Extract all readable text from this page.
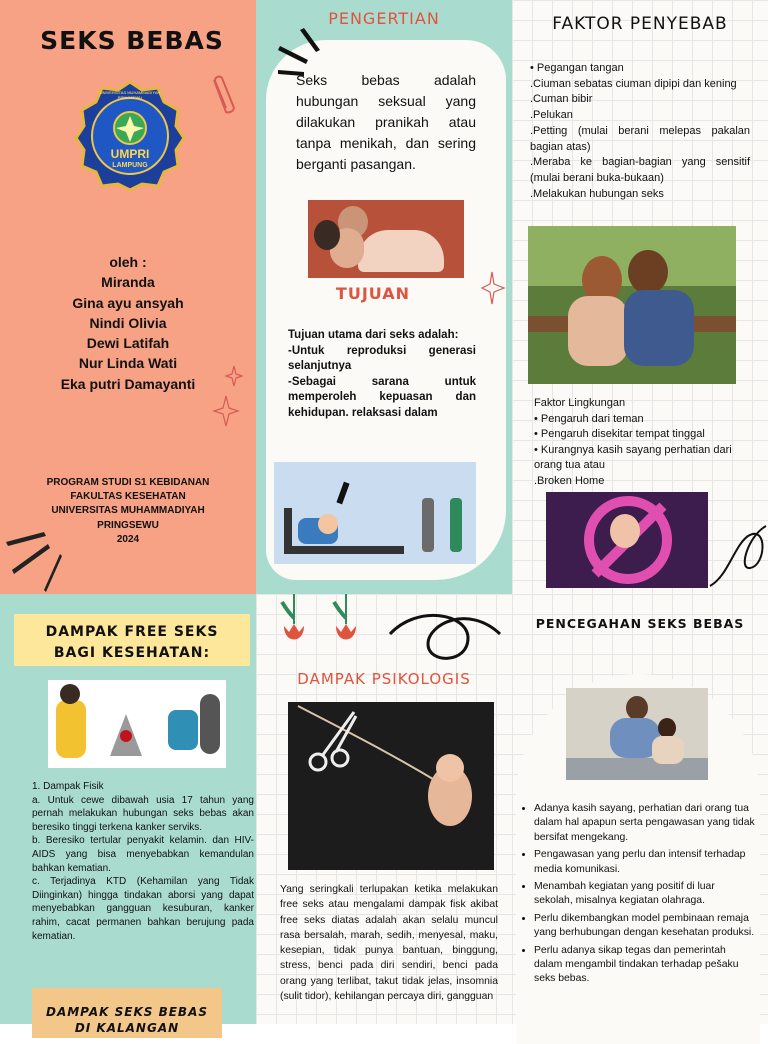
SEKS BEBAS
UMPRI
LAMPUNG
UNIVERSITAS MUHAMMADIYAH PRINGSEWU
oleh :
Miranda
Gina ayu ansyah
Nindi Olivia
Dewi Latifah
Nur Linda Wati
Eka putri Damayanti
PROGRAM STUDI S1 KEBIDANAN
FAKULTAS KESEHATAN
UNIVERSITAS MUHAMMADIYAH
PRINGSEWU
2024
PENGERTIAN
Seks bebas adalah hubungan seksual yang dilakukan pranikah atau tanpa menikah, dan sering berganti pasangan.
TUJUAN
Tujuan utama dari seks adalah:
-Untuk reproduksi generasi selanjutnya
-Sebagai sarana untuk memperoleh kepuasan dan kehidupan. relaksasi dalam
FAKTOR PENYEBAB
• Pegangan tangan
.Ciuman sebatas ciuman dipipi dan kening
.Cuman bibir
.Pelukan
.Petting (mulai berani melepas pakalan bagian atas)
.Meraba ke bagian-bagian yang sensitif (mulai berani buka-bukaan)
.Melakukan hubungan seks
Faktor Lingkungan
• Pengaruh dari teman
• Pengaruh disekitar tempat tinggal
• Kurangnya kasih sayang perhatian dari orang tua atau
.Broken Home
DAMPAK FREE SEKS BAGI KESEHATAN:
1. Dampak Fisik
a. Untuk cewe dibawah usia 17 tahun yang pernah melakukan hubungan seks bebas akan beresiko tinggi terkena kanker serviks.
b. Beresiko tertular penyakit kelamin. dan HIV-AIDS yang bisa menyebabkan kemandulan bahkan kematian.
c. Terjadinya KTD (Kehamilan yang Tidak Diinginkan) hingga tindakan aborsi yang dapat menyebabkan gangguan kesuburan, kanker rahim, cacat permanen bahkan berujung pada kematian.
DAMPAK SEKS BEBAS DI KALANGAN
DAMPAK PSIKOLOGIS
Yang seringkali terlupakan ketika melakukan free seks atau mengalami dampak fisk akibat free seks diatas adalah akan selalu muncul rasa bersalah, marah, sedih, menyesal, maku, kesepian, tidak punya bantuan, binggung, stress, benci pada diri sendiri, benci pada orang yang terlibat, takut tidak jelas, insomnia (sulit tidor), kehilangan percaya diri, gangguan
PENCEGAHAN SEKS BEBAS
• Adanya kasih sayang, perhatian dari orang tua dalam hal apapun serta pengawasan yang tidak bersifat mengekang.
• Pengawasan yang perlu dan intensif terhadap media komunikasi.
• Menambah kegiatan yang positif di luar sekolah, misalnya kegiatan olahraga.
• Perlu dikembangkan model pembinaan remaja yang berhubungan dengan kesehatan produksi.
• Perlu adanya sikap tegas dan pemerintah dalam mengambil tindakan terhadap pešaku seks bebas.
